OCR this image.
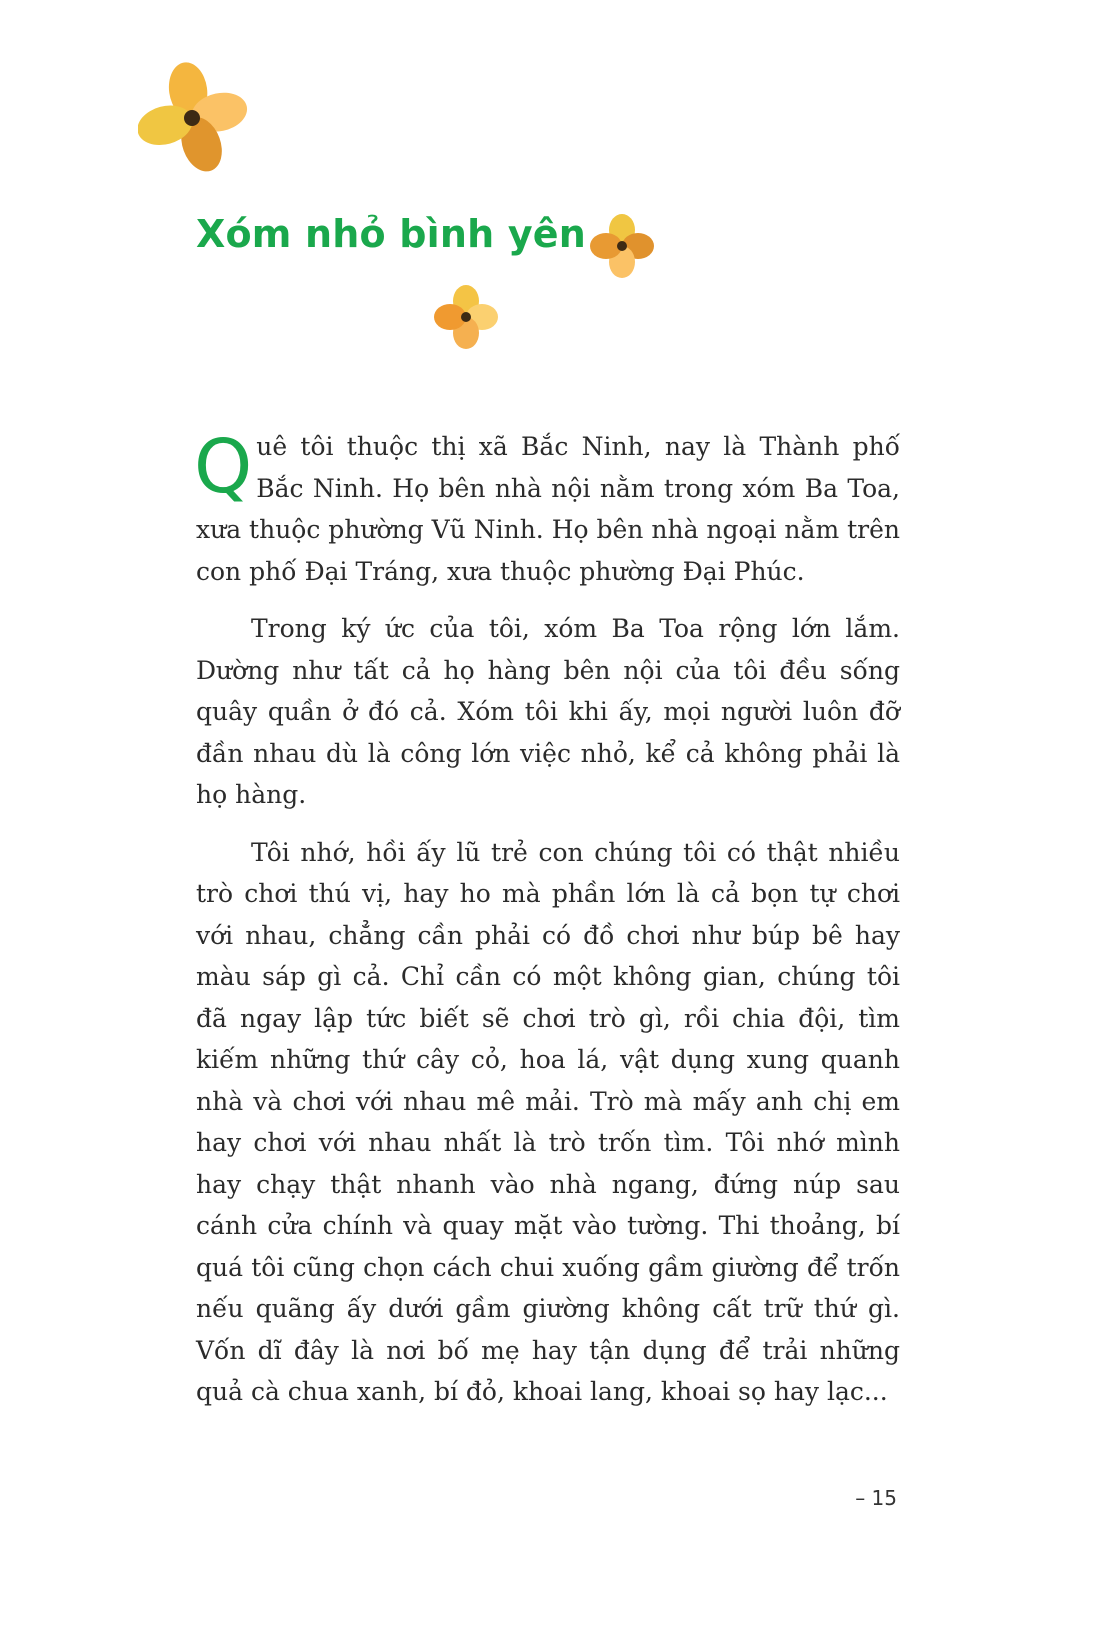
Xóm nhỏ bình yên

Quê tôi thuộc thị xã Bắc Ninh, nay là Thành phố Bắc Ninh. Họ bên nhà nội nằm trong xóm Ba Toa, xưa thuộc phường Vũ Ninh. Họ bên nhà ngoại nằm trên con phố Đại Tráng, xưa thuộc phường Đại Phúc.

Trong ký ức của tôi, xóm Ba Toa rộng lớn lắm. Dường như tất cả họ hàng bên nội của tôi đều sống quây quần ở đó cả. Xóm tôi khi ấy, mọi người luôn đỡ đần nhau dù là công lớn việc nhỏ, kể cả không phải là họ hàng.

Tôi nhớ, hồi ấy lũ trẻ con chúng tôi có thật nhiều trò chơi thú vị, hay ho mà phần lớn là cả bọn tự chơi với nhau, chẳng cần phải có đồ chơi như búp bê hay màu sáp gì cả. Chỉ cần có một không gian, chúng tôi đã ngay lập tức biết sẽ chơi trò gì, rồi chia đội, tìm kiếm những thứ cây cỏ, hoa lá, vật dụng xung quanh nhà và chơi với nhau mê mải. Trò mà mấy anh chị em hay chơi với nhau nhất là trò trốn tìm. Tôi nhớ mình hay chạy thật nhanh vào nhà ngang, đứng núp sau cánh cửa chính và quay mặt vào tường. Thi thoảng, bí quá tôi cũng chọn cách chui xuống gầm giường để trốn nếu quãng ấy dưới gầm giường không cất trữ thứ gì. Vốn dĩ đây là nơi bố mẹ hay tận dụng để trải những quả cà chua xanh, bí đỏ, khoai lang, khoai sọ hay lạc...

– 15
